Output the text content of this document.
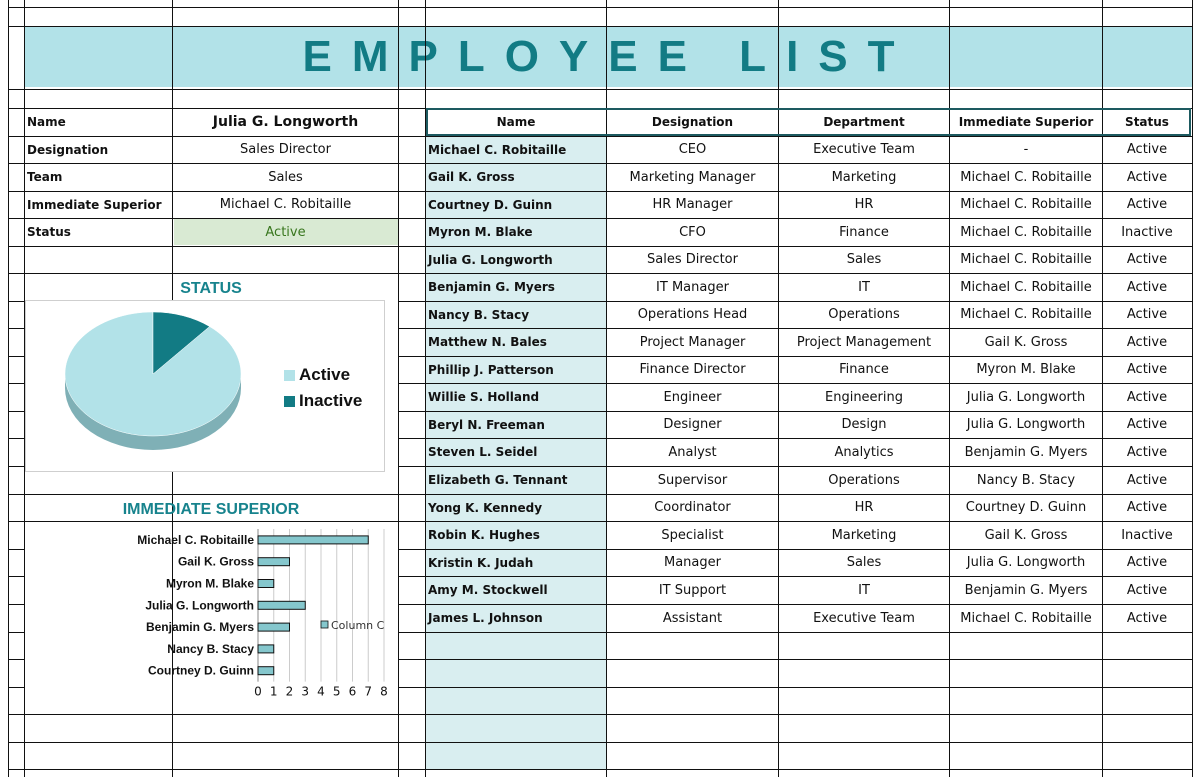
EMPLOYEE LIST
Name	Julia G. Longworth
Designation	Sales Director
Team	Sales
Immediate Superior	Michael C. Robitaille
Status	Active
STATUS
Active
Inactive
IMMEDIATE SUPERIOR
Michael C. Robitaille
Gail K. Gross
Myron M. Blake
Julia G. Longworth
Benjamin G. Myers
Nancy B. Stacy
Courtney D. Guinn
0 1 2 3 4 5 6 7 8
Column C
Name	Designation	Department	Immediate Superior	Status
Michael C. Robitaille	CEO	Executive Team	-	Active
Gail K. Gross	Marketing Manager	Marketing	Michael C. Robitaille	Active
Courtney D. Guinn	HR Manager	HR	Michael C. Robitaille	Active
Myron M. Blake	CFO	Finance	Michael C. Robitaille	Inactive
Julia G. Longworth	Sales Director	Sales	Michael C. Robitaille	Active
Benjamin G. Myers	IT Manager	IT	Michael C. Robitaille	Active
Nancy B. Stacy	Operations Head	Operations	Michael C. Robitaille	Active
Matthew N. Bales	Project Manager	Project Management	Gail K. Gross	Active
Phillip J. Patterson	Finance Director	Finance	Myron M. Blake	Active
Willie S. Holland	Engineer	Engineering	Julia G. Longworth	Active
Beryl N. Freeman	Designer	Design	Julia G. Longworth	Active
Steven L. Seidel	Analyst	Analytics	Benjamin G. Myers	Active
Elizabeth G. Tennant	Supervisor	Operations	Nancy B. Stacy	Active
Yong K. Kennedy	Coordinator	HR	Courtney D. Guinn	Active
Robin K. Hughes	Specialist	Marketing	Gail K. Gross	Inactive
Kristin K. Judah	Manager	Sales	Julia G. Longworth	Active
Amy M. Stockwell	IT Support	IT	Benjamin G. Myers	Active
James L. Johnson	Assistant	Executive Team	Michael C. Robitaille	Active
